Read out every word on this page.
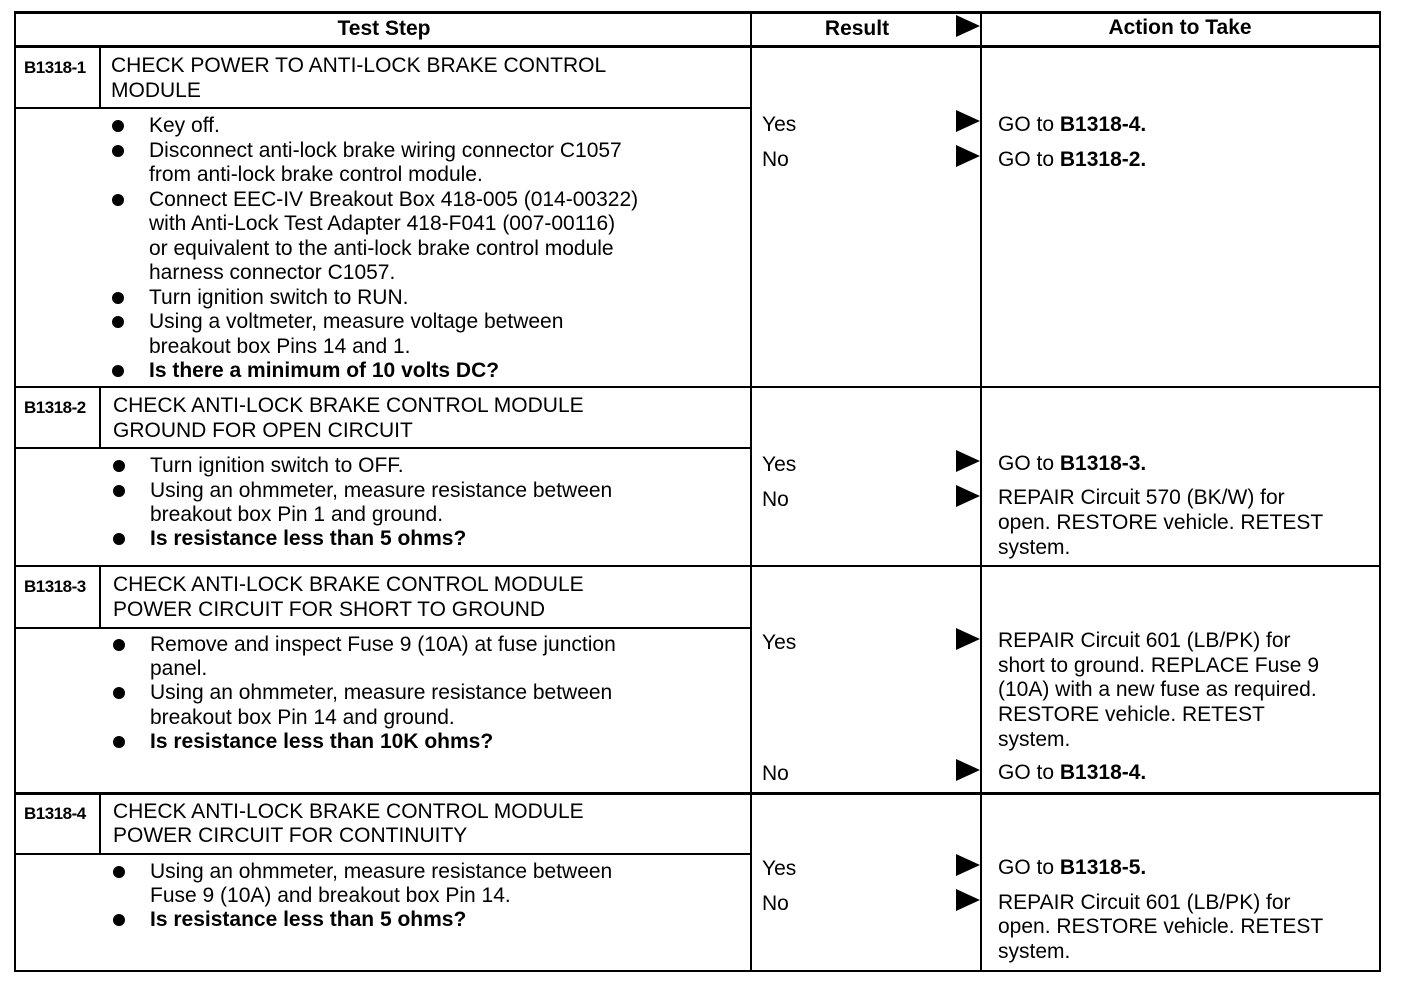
Test Step	Result	Action to Take
B1318-1 CHECK POWER TO ANTI-LOCK BRAKE CONTROL
MODULE
Key off.
Disconnect anti-lock brake wiring connector C1057
from anti-lock brake control module.
Connect EEC-IV Breakout Box 418-005 (014-00322)
with Anti-Lock Test Adapter 418-F041 (007-00116)
or equivalent to the anti-lock brake control module
harness connector C1057.
Turn ignition switch to RUN.
Using a voltmeter, measure voltage between
breakout box Pins 14 and 1.
Is there a minimum of 10 volts DC?
Yes	GO to B1318-4.
No	GO to B1318-2.
B1318-2 CHECK ANTI-LOCK BRAKE CONTROL MODULE
GROUND FOR OPEN CIRCUIT
Turn ignition switch to OFF.
Using an ohmmeter, measure resistance between
breakout box Pin 1 and ground.
Is resistance less than 5 ohms?
Yes	GO to B1318-3.
No	REPAIR Circuit 570 (BK/W) for
open. RESTORE vehicle. RETEST
system.
B1318-3 CHECK ANTI-LOCK BRAKE CONTROL MODULE
POWER CIRCUIT FOR SHORT TO GROUND
Remove and inspect Fuse 9 (10A) at fuse junction
panel.
Using an ohmmeter, measure resistance between
breakout box Pin 14 and ground.
Is resistance less than 10K ohms?
Yes	REPAIR Circuit 601 (LB/PK) for
short to ground. REPLACE Fuse 9
(10A) with a new fuse as required.
RESTORE vehicle. RETEST
system.
No	GO to B1318-4.
B1318-4 CHECK ANTI-LOCK BRAKE CONTROL MODULE
POWER CIRCUIT FOR CONTINUITY
Using an ohmmeter, measure resistance between
Fuse 9 (10A) and breakout box Pin 14.
Is resistance less than 5 ohms?
Yes	GO to B1318-5.
No	REPAIR Circuit 601 (LB/PK) for
open. RESTORE vehicle. RETEST
system.
